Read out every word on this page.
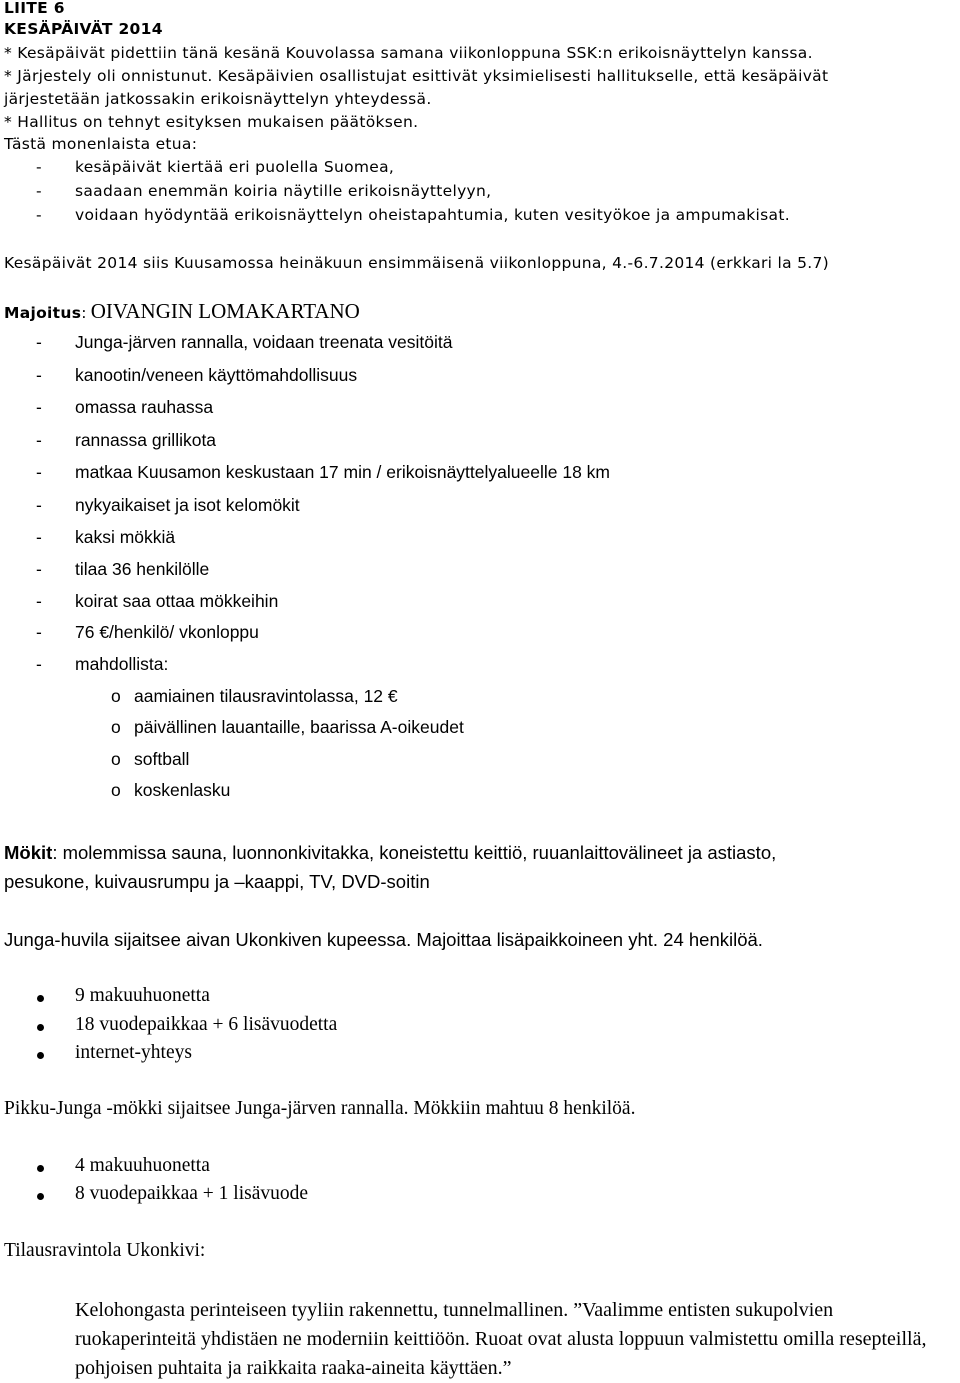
LIITE 6
KESÄPÄIVÄT 2014
* Kesäpäivät pidettiin tänä kesänä Kouvolassa samana viikonloppuna SSK:n erikoisnäyttelyn kanssa.
* Järjestely oli onnistunut. Kesäpäivien osallistujat esittivät yksimielisesti hallitukselle, että kesäpäivät
järjestetään jatkossakin erikoisnäyttelyn yhteydessä.
* Hallitus on tehnyt esityksen mukaisen päätöksen.
Tästä monenlaista etua:
- kesäpäivät kiertää eri puolella Suomea,
- saadaan enemmän koiria näytille erikoisnäyttelyyn,
- voidaan hyödyntää erikoisnäyttelyn oheistapahtumia, kuten vesityökoe ja ampumakisat.
Kesäpäivät 2014 siis Kuusamossa heinäkuun ensimmäisenä viikonloppuna, 4.-6.7.2014 (erkkari la 5.7)
Majoitus: OIVANGIN LOMAKARTANO
- Junga-järven rannalla, voidaan treenata vesitöitä
- kanootin/veneen käyttömahdollisuus
- omassa rauhassa
- rannassa grillikota
- matkaa Kuusamon keskustaan 17 min / erikoisnäyttelyalueelle 18 km
- nykyaikaiset ja isot kelomökit
- kaksi mökkiä
- tilaa 36 henkilölle
- koirat saa ottaa mökkeihin
- 76 €/henkilö/ vkonloppu
- mahdollista:
o aamiainen tilausravintolassa, 12 €
o päivällinen lauantaille, baarissa A-oikeudet
o softball
o koskenlasku
Mökit: molemmissa sauna, luonnonkivitakka, koneistettu keittiö, ruuanlaittovälineet ja astiasto,
pesukone, kuivausrumpu ja –kaappi, TV, DVD-soitin
Junga-huvila sijaitsee aivan Ukonkiven kupeessa. Majoittaa lisäpaikkoineen yht. 24 henkilöä.
9 makuuhuonetta
18 vuodepaikkaa + 6 lisävuodetta
internet-yhteys
Pikku-Junga -mökki sijaitsee Junga-järven rannalla. Mökkiin mahtuu 8 henkilöä.
4 makuuhuonetta
8 vuodepaikkaa + 1 lisävuode
Tilausravintola Ukonkivi:
Kelohongasta perinteiseen tyyliin rakennettu, tunnelmallinen. ”Vaalimme entisten sukupolvien ruokaperinteitä yhdistäen ne moderniin keittiöön. Ruoat ovat alusta loppuun valmistettu omilla resepteillä, pohjoisen puhtaita ja raikkaita raaka-aineita käyttäen.”
